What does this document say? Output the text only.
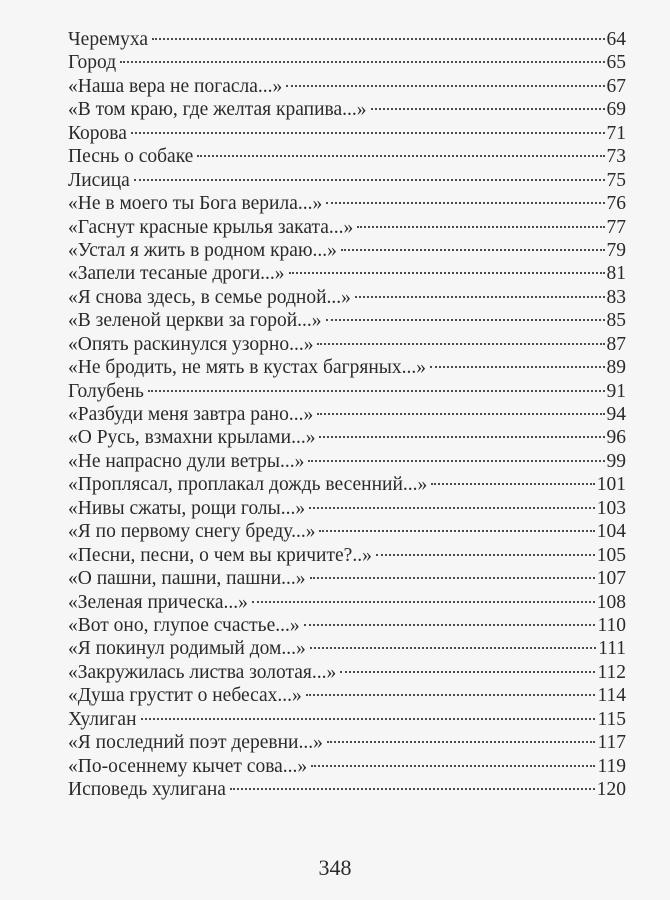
Черемуха	64
Город	65
«Наша вера не погасла...»	67
«В том краю, где желтая крапива...»	69
Корова	71
Песнь о собаке	73
Лисица	75
«Не в моего ты Бога верила...»	76
«Гаснут красные крылья заката...»	77
«Устал я жить в родном краю...»	79
«Запели тесаные дроги...»	81
«Я снова здесь, в семье родной...»	83
«В зеленой церкви за горой...»	85
«Опять раскинулся узорно...»	87
«Не бродить, не мять в кустах багряных...»	89
Голубень	91
«Разбуди меня завтра рано...»	94
«О Русь, взмахни крылами...»	96
«Не напрасно дули ветры...»	99
«Проплясал, проплакал дождь весенний...»	101
«Нивы сжаты, рощи голы...»	103
«Я по первому снегу бреду...»	104
«Песни, песни, о чем вы кричите?..»	105
«О пашни, пашни, пашни...»	107
«Зеленая прическа...»	108
«Вот оно, глупое счастье...»	110
«Я покинул родимый дом...»	111
«Закружилась листва золотая...»	112
«Душа грустит о небесах...»	114
Хулиган	115
«Я последний поэт деревни...»	117
«По-осеннему кычет сова...»	119
Исповедь хулигана	120
348
